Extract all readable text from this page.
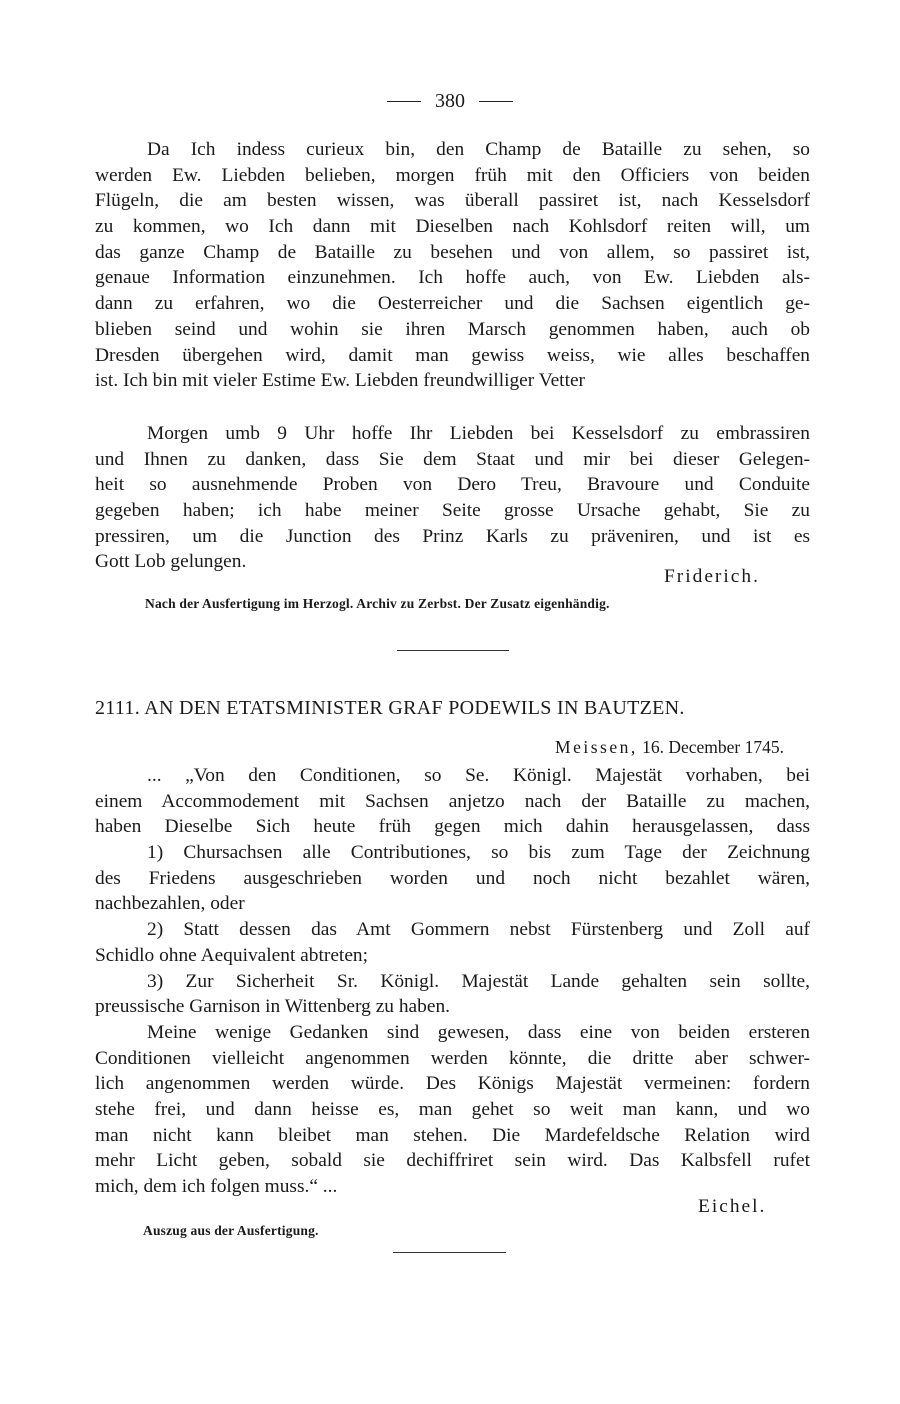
380
Da Ich indess curieux bin, den Champ de Bataille zu sehen, so
werden Ew. Liebden belieben, morgen früh mit den Officiers von beiden
Flügeln, die am besten wissen, was überall passiret ist, nach Kesselsdorf
zu kommen, wo Ich dann mit Dieselben nach Kohlsdorf reiten will, um
das ganze Champ de Bataille zu besehen und von allem, so passiret ist,
genaue Information einzunehmen. Ich hoffe auch, von Ew. Liebden als-
dann zu erfahren, wo die Oesterreicher und die Sachsen eigentlich ge-
blieben seind und wohin sie ihren Marsch genommen haben, auch ob
Dresden übergehen wird, damit man gewiss weiss, wie alles beschaffen
ist. Ich bin mit vieler Estime Ew. Liebden freundwilliger Vetter
Morgen umb 9 Uhr hoffe Ihr Liebden bei Kesselsdorf zu embrassiren
und Ihnen zu danken, dass Sie dem Staat und mir bei dieser Gelegen-
heit so ausnehmende Proben von Dero Treu, Bravoure und Conduite
gegeben haben; ich habe meiner Seite grosse Ursache gehabt, Sie zu
pressiren, um die Junction des Prinz Karls zu präveniren, und ist es
Gott Lob gelungen.
Friderich.
Nach der Ausfertigung im Herzogl. Archiv zu Zerbst. Der Zusatz eigenhändig.
2111. AN DEN ETATSMINISTER GRAF PODEWILS IN BAUTZEN.
Meissen, 16. December 1745.
... „Von den Conditionen, so Se. Königl. Majestät vorhaben, bei
einem Accommodement mit Sachsen anjetzo nach der Bataille zu machen,
haben Dieselbe Sich heute früh gegen mich dahin herausgelassen, dass
1) Chursachsen alle Contributiones, so bis zum Tage der Zeichnung
des Friedens ausgeschrieben worden und noch nicht bezahlet wären,
nachbezahlen, oder
2) Statt dessen das Amt Gommern nebst Fürstenberg und Zoll auf
Schidlo ohne Aequivalent abtreten;
3) Zur Sicherheit Sr. Königl. Majestät Lande gehalten sein sollte,
preussische Garnison in Wittenberg zu haben.
Meine wenige Gedanken sind gewesen, dass eine von beiden ersteren
Conditionen vielleicht angenommen werden könnte, die dritte aber schwer-
lich angenommen werden würde. Des Königs Majestät vermeinen: fordern
stehe frei, und dann heisse es, man gehet so weit man kann, und wo
man nicht kann bleibet man stehen. Die Mardefeldsche Relation wird
mehr Licht geben, sobald sie dechiffriret sein wird. Das Kalbsfell rufet
mich, dem ich folgen muss.“ ...
Eichel.
Auszug aus der Ausfertigung.
